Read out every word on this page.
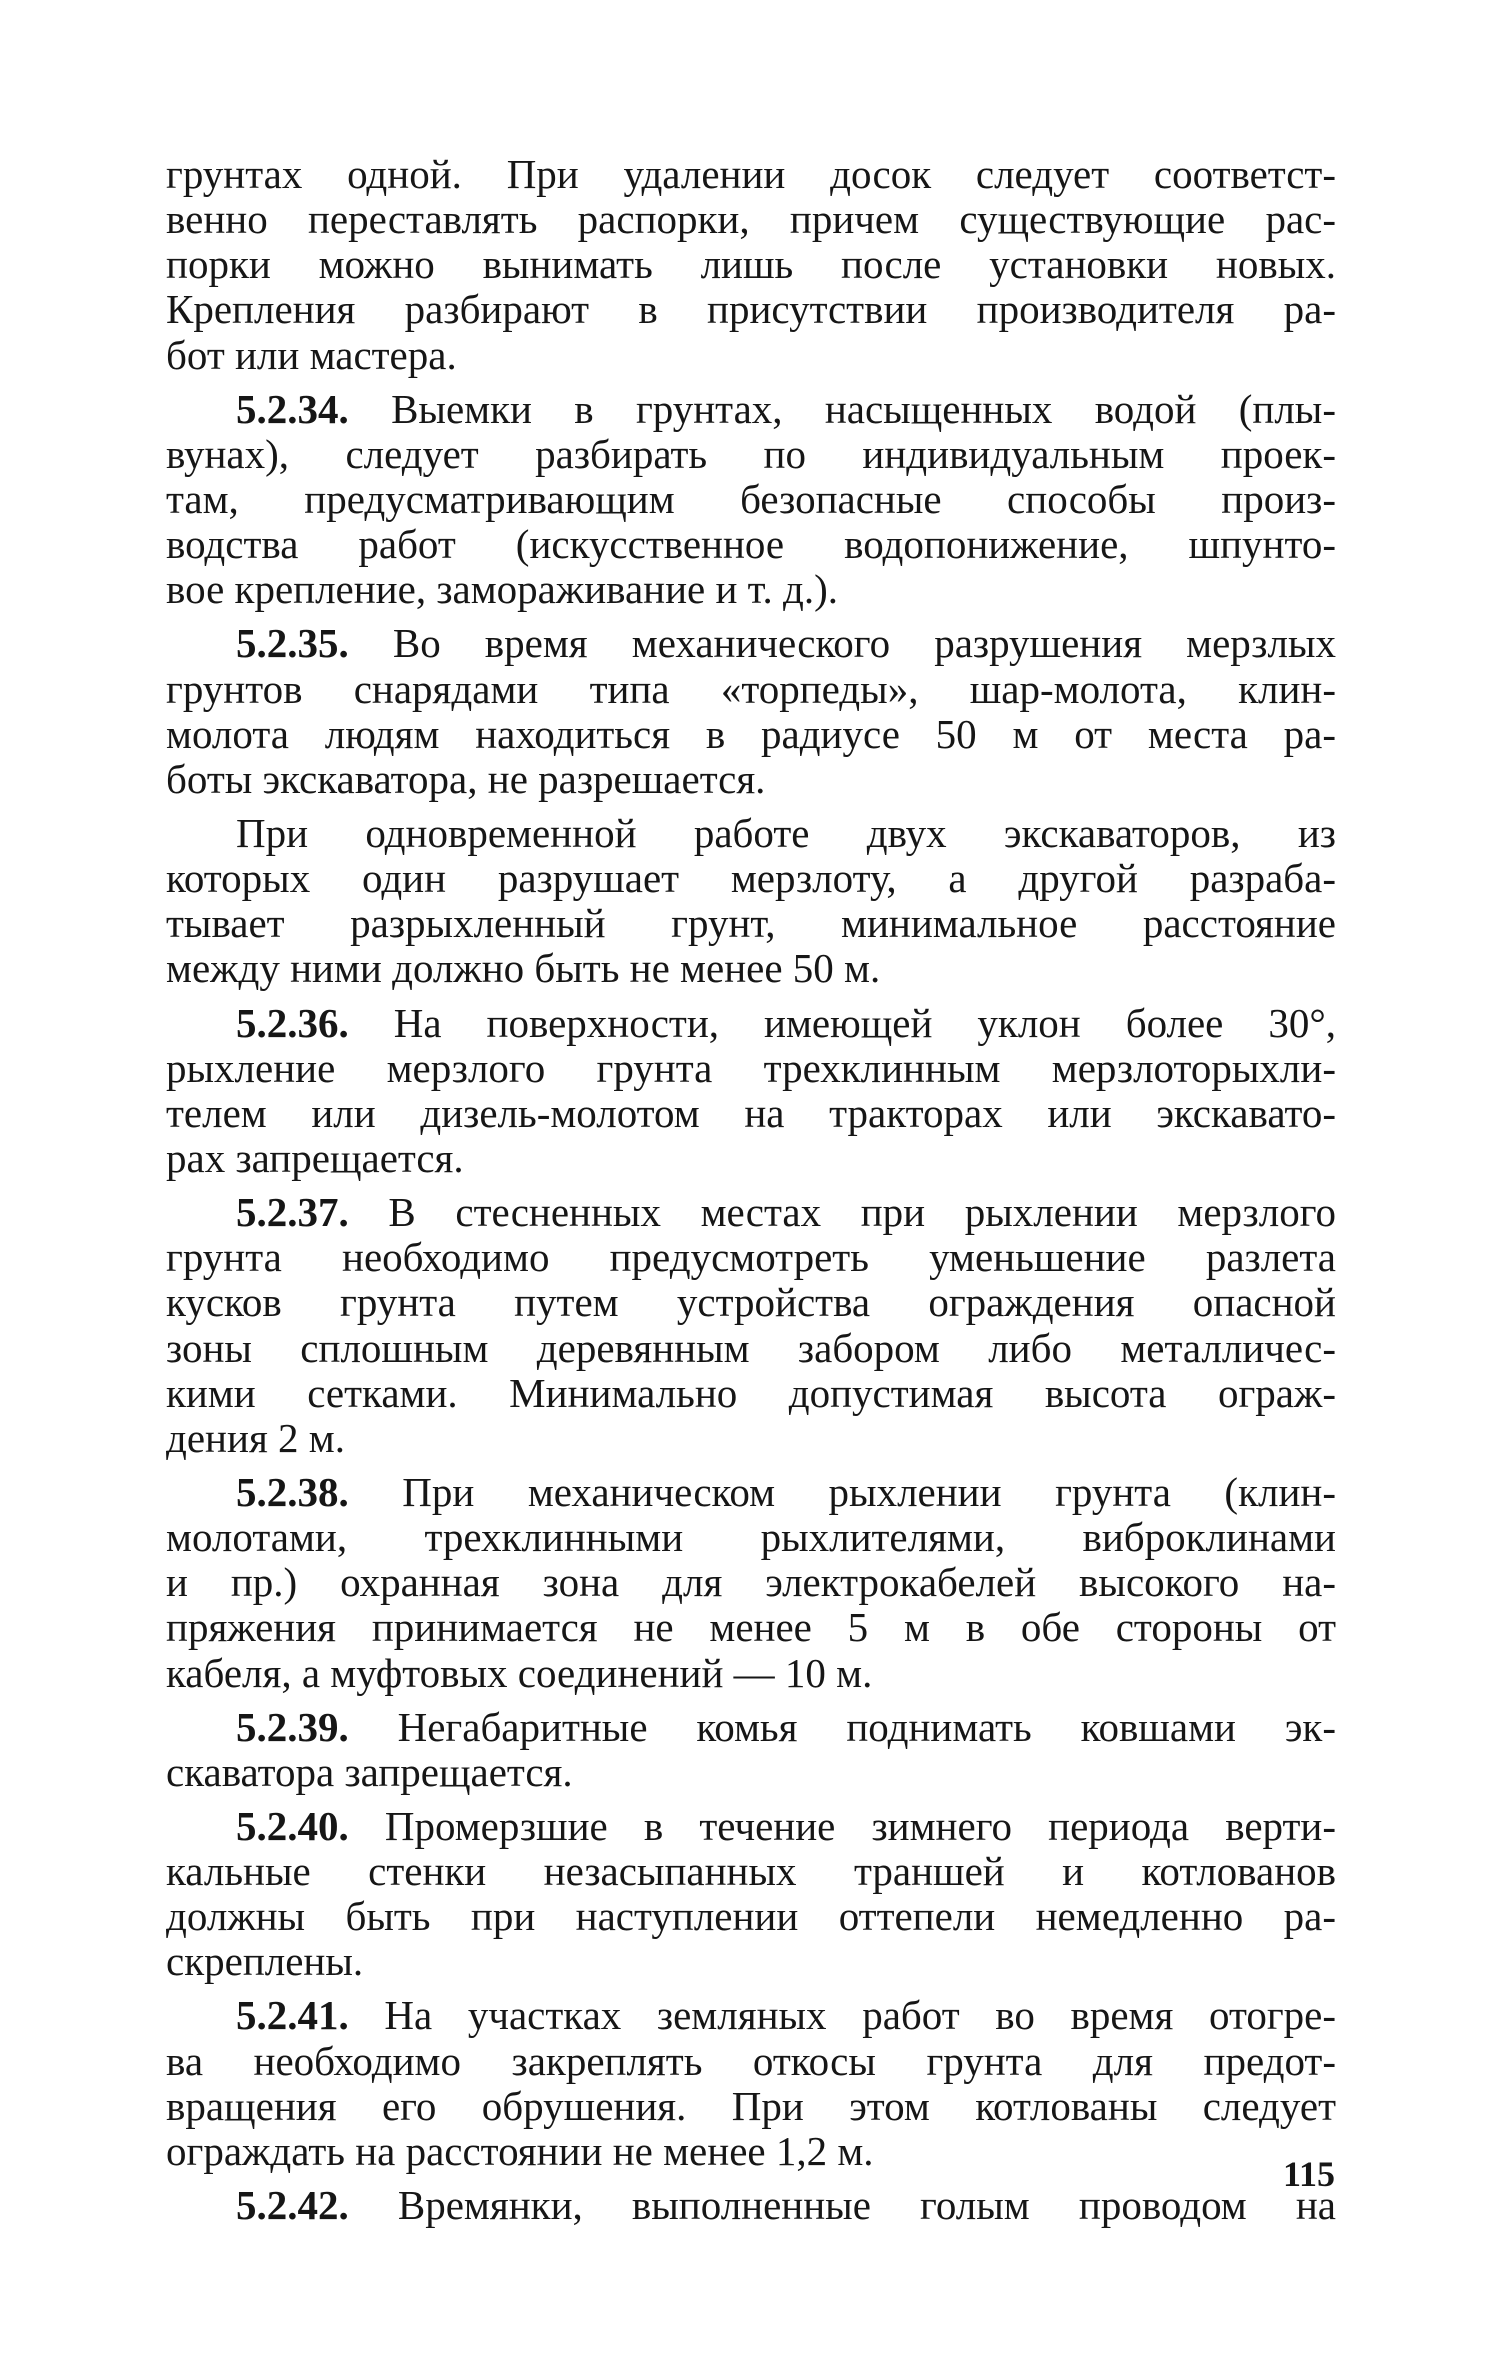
грунтах одной. При удалении досок следует соответст-
венно переставлять распорки, причем существующие рас-
порки можно вынимать лишь после установки новых.
Крепления разбирают в присутствии производителя ра-
бот или мастера.
5.2.34. Выемки в грунтах, насыщенных водой (плы-
вунах), следует разбирать по индивидуальным проек-
там, предусматривающим безопасные способы произ-
водства работ (искусственное водопонижение, шпунто-
вое крепление, замораживание и т. д.).
5.2.35. Во время механического разрушения мерзлых
грунтов снарядами типа «торпеды», шар-молота, клин-
молота людям находиться в радиусе 50 м от места ра-
боты экскаватора, не разрешается.
При одновременной работе двух экскаваторов, из
которых один разрушает мерзлоту, а другой разраба-
тывает разрыхленный грунт, минимальное расстояние
между ними должно быть не менее 50 м.
5.2.36. На поверхности, имеющей уклон более 30°,
рыхление мерзлого грунта трехклинным мерзлоторыхли-
телем или дизель-молотом на тракторах или экскавато-
рах запрещается.
5.2.37. В стесненных местах при рыхлении мерзлого
грунта необходимо предусмотреть уменьшение разлета
кусков грунта путем устройства ограждения опасной
зоны сплошным деревянным забором либо металличес-
кими сетками. Минимально допустимая высота ограж-
дения 2 м.
5.2.38. При механическом рыхлении грунта (клин-
молотами, трехклинными рыхлителями, виброклинами
и пр.) охранная зона для электрокабелей высокого на-
пряжения принимается не менее 5 м в обе стороны от
кабеля, а муфтовых соединений — 10 м.
5.2.39. Негабаритные комья поднимать ковшами эк-
скаватора запрещается.
5.2.40. Промерзшие в течение зимнего периода верти-
кальные стенки незасыпанных траншей и котлованов
должны быть при наступлении оттепели немедленно ра-
скреплены.
5.2.41. На участках земляных работ во время отогре-
ва необходимо закреплять откосы грунта для предот-
вращения его обрушения. При этом котлованы следует
ограждать на расстоянии не менее 1,2 м.
5.2.42. Времянки, выполненные голым проводом на
115
